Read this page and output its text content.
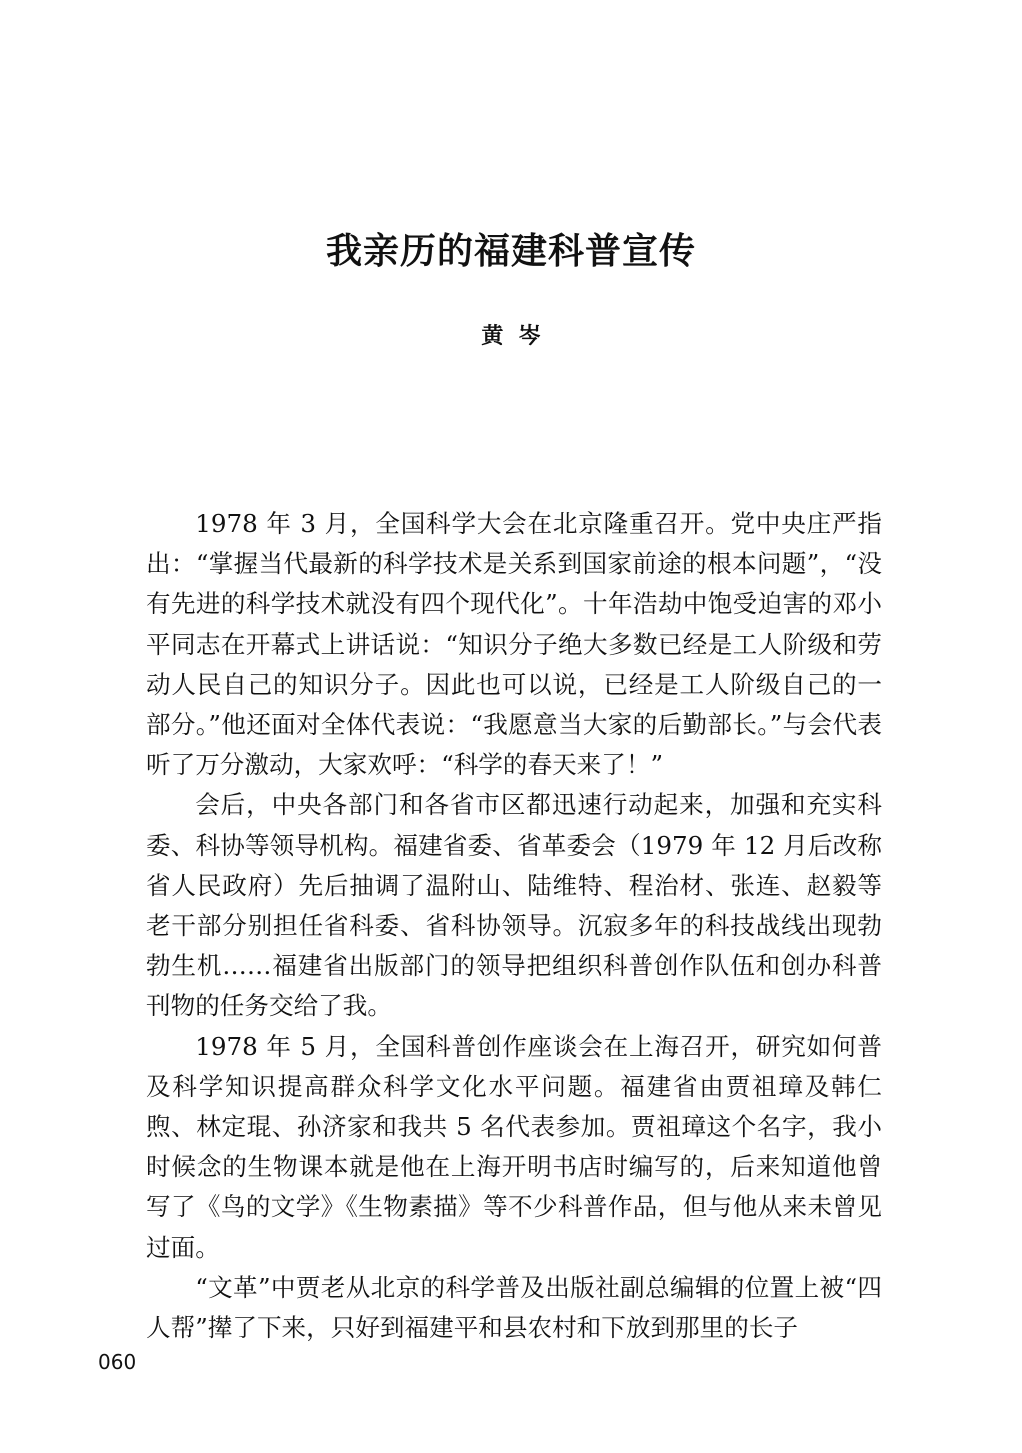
我亲历的福建科普宣传
黄  岑

1978 年 3 月，全国科学大会在北京隆重召开。党中央庄严指出：“掌握当代最新的科学技术是关系到国家前途的根本问题”，“没有先进的科学技术就没有四个现代化”。十年浩劫中饱受迫害的邓小平同志在开幕式上讲话说：“知识分子绝大多数已经是工人阶级和劳动人民自己的知识分子。因此也可以说，已经是工人阶级自己的一部分。”他还面对全体代表说：“我愿意当大家的后勤部长。”与会代表听了万分激动，大家欢呼：“科学的春天来了！”

会后，中央各部门和各省市区都迅速行动起来，加强和充实科委、科协等领导机构。福建省委、省革委会（1979 年 12 月后改称省人民政府）先后抽调了温附山、陆维特、程治材、张连、赵毅等老干部分别担任省科委、省科协领导。沉寂多年的科技战线出现勃勃生机……福建省出版部门的领导把组织科普创作队伍和创办科普刊物的任务交给了我。

1978 年 5 月，全国科普创作座谈会在上海召开，研究如何普及科学知识提高群众科学文化水平问题。福建省由贾祖璋及韩仁煦、林定琨、孙济家和我共 5 名代表参加。贾祖璋这个名字，我小时候念的生物课本就是他在上海开明书店时编写的，后来知道他曾写了《鸟的文学》《生物素描》等不少科普作品，但与他从来未曾见过面。

“文革”中贾老从北京的科学普及出版社副总编辑的位置上被“四人帮”撵了下来，只好到福建平和县农村和下放到那里的长子

060
